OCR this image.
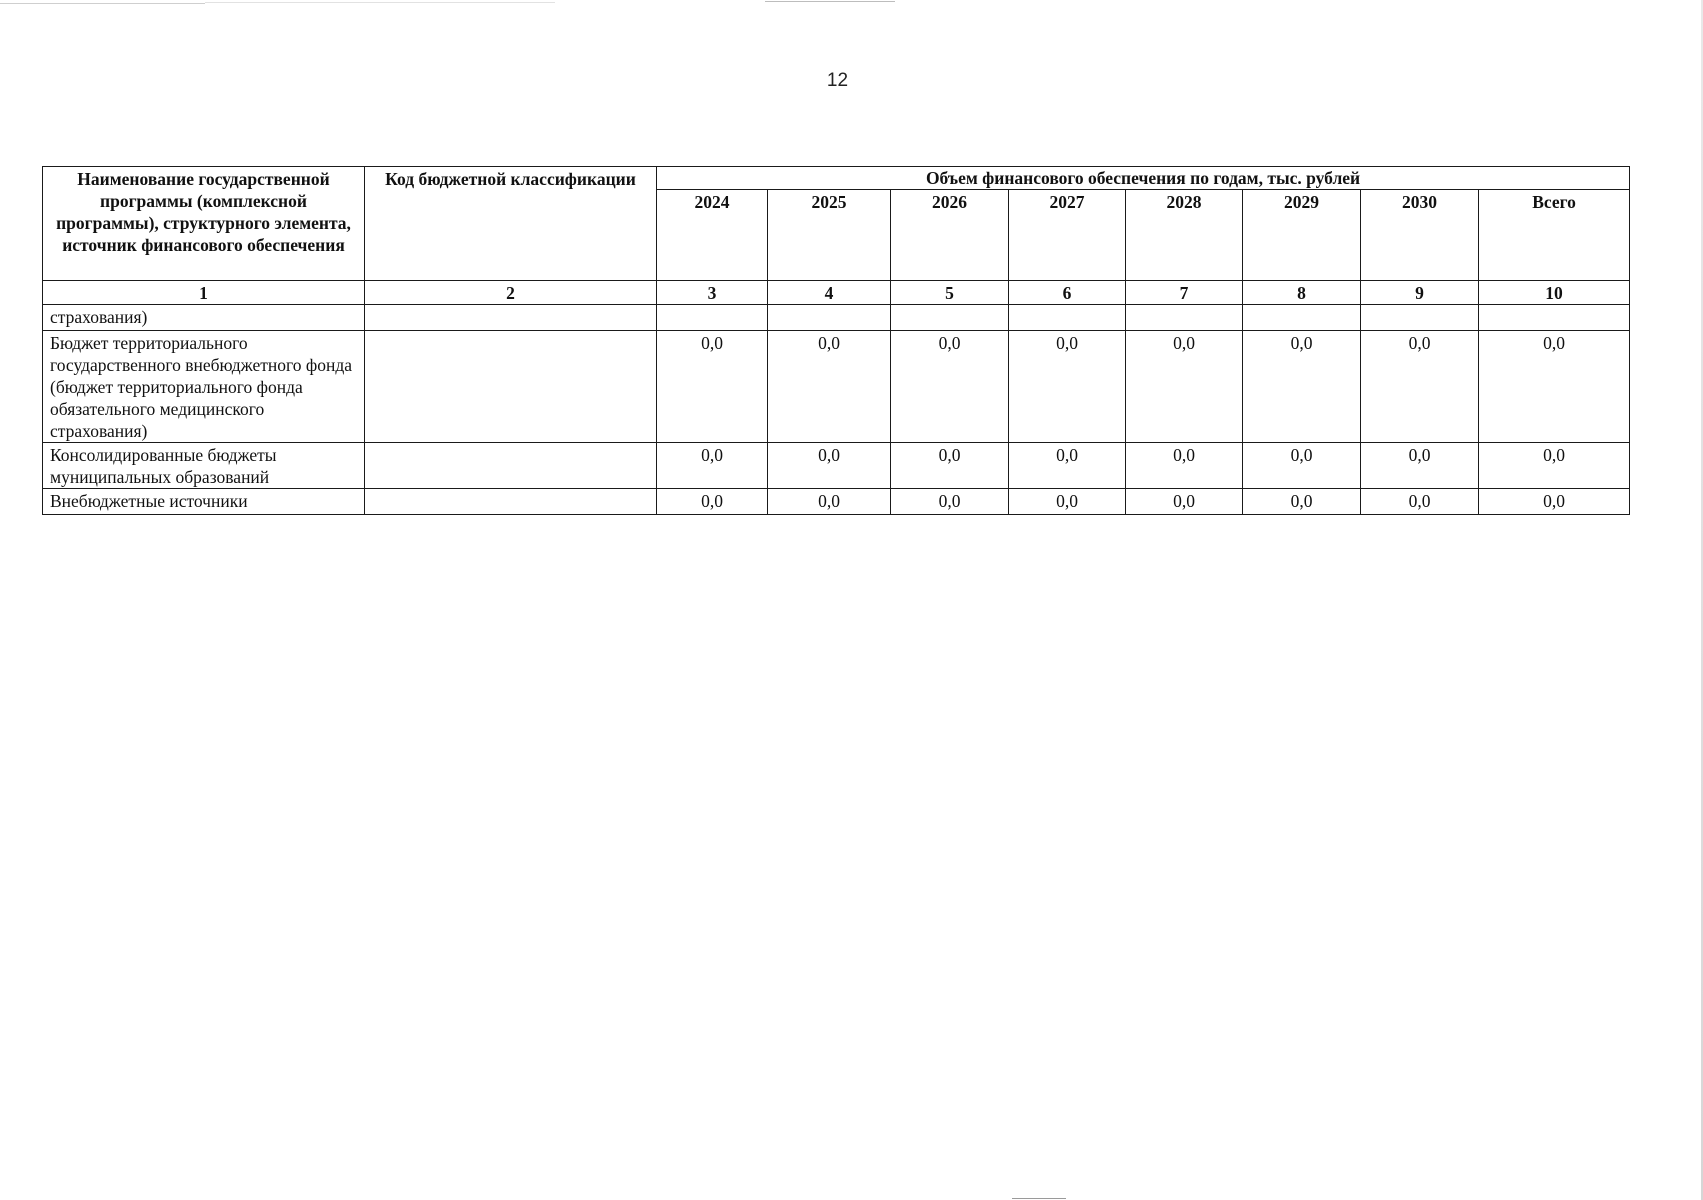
12
Наименование государственной программы (комплексной программы), структурного элемента, источник финансового обеспечения	Код бюджетной классификации	Объем финансового обеспечения по годам, тыс. рублей							
		2024	2025	2026	2027	2028	2029	2030	Всего
1	2	3	4	5	6	7	8	9	10
страхования)									
Бюджет территориального государственного внебюджетного фонда (бюджет территориального фонда обязательного медицинского страхования)		0,0	0,0	0,0	0,0	0,0	0,0	0,0	0,0
Консолидированные бюджеты муниципальных образований		0,0	0,0	0,0	0,0	0,0	0,0	0,0	0,0
Внебюджетные источники		0,0	0,0	0,0	0,0	0,0	0,0	0,0	0,0
